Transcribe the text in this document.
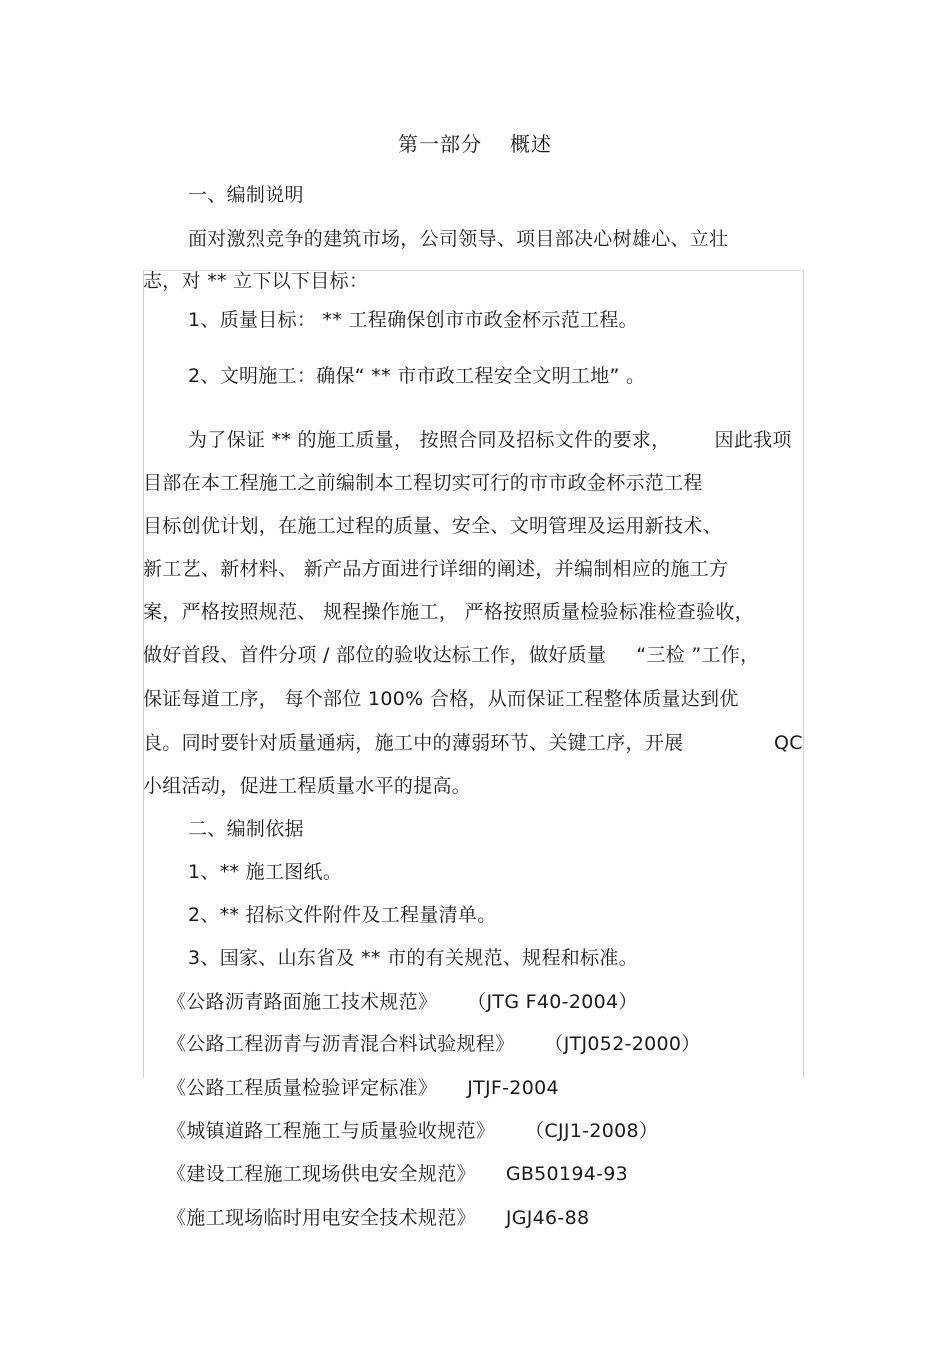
第一部分 概述
一、编制说明
面对激烈竞争的建筑市场，公司领导、项目部决心树雄心、立壮
志，对 ** 立下以下目标：
1、质量目标： ** 工程确保创市市政金杯示范工程。
2、文明施工：确保“ ** 市市政工程安全文明工地” 。
为了保证 ** 的施工质量， 按照合同及招标文件的要求， 因此我项
目部在本工程施工之前编制本工程切实可行的市市政金杯示范工程
目标创优计划，在施工过程的质量、安全、文明管理及运用新技术、
新工艺、新材料、 新产品方面进行详细的阐述，并编制相应的施工方
案，严格按照规范、 规程操作施工， 严格按照质量检验标准检查验收，
做好首段、首件分项 / 部位的验收达标工作，做好质量 “三检 ”工作，
保证每道工序， 每个部位 100% 合格，从而保证工程整体质量达到优
良。同时要针对质量通病，施工中的薄弱环节、关键工序，开展	QC
小组活动，促进工程质量水平的提高。
二、编制依据
1、** 施工图纸。
2、** 招标文件附件及工程量清单。
3、国家、山东省及 ** 市的有关规范、规程和标准。
《公路沥青路面施工技术规范》 （JTG F40-2004）
《公路工程沥青与沥青混合料试验规程》 （JTJ052-2000）
《公路工程质量检验评定标准》 JTJF-2004
《城镇道路工程施工与质量验收规范》 （CJJ1-2008）
《建设工程施工现场供电安全规范》 GB50194-93
《施工现场临时用电安全技术规范》 JGJ46-88
